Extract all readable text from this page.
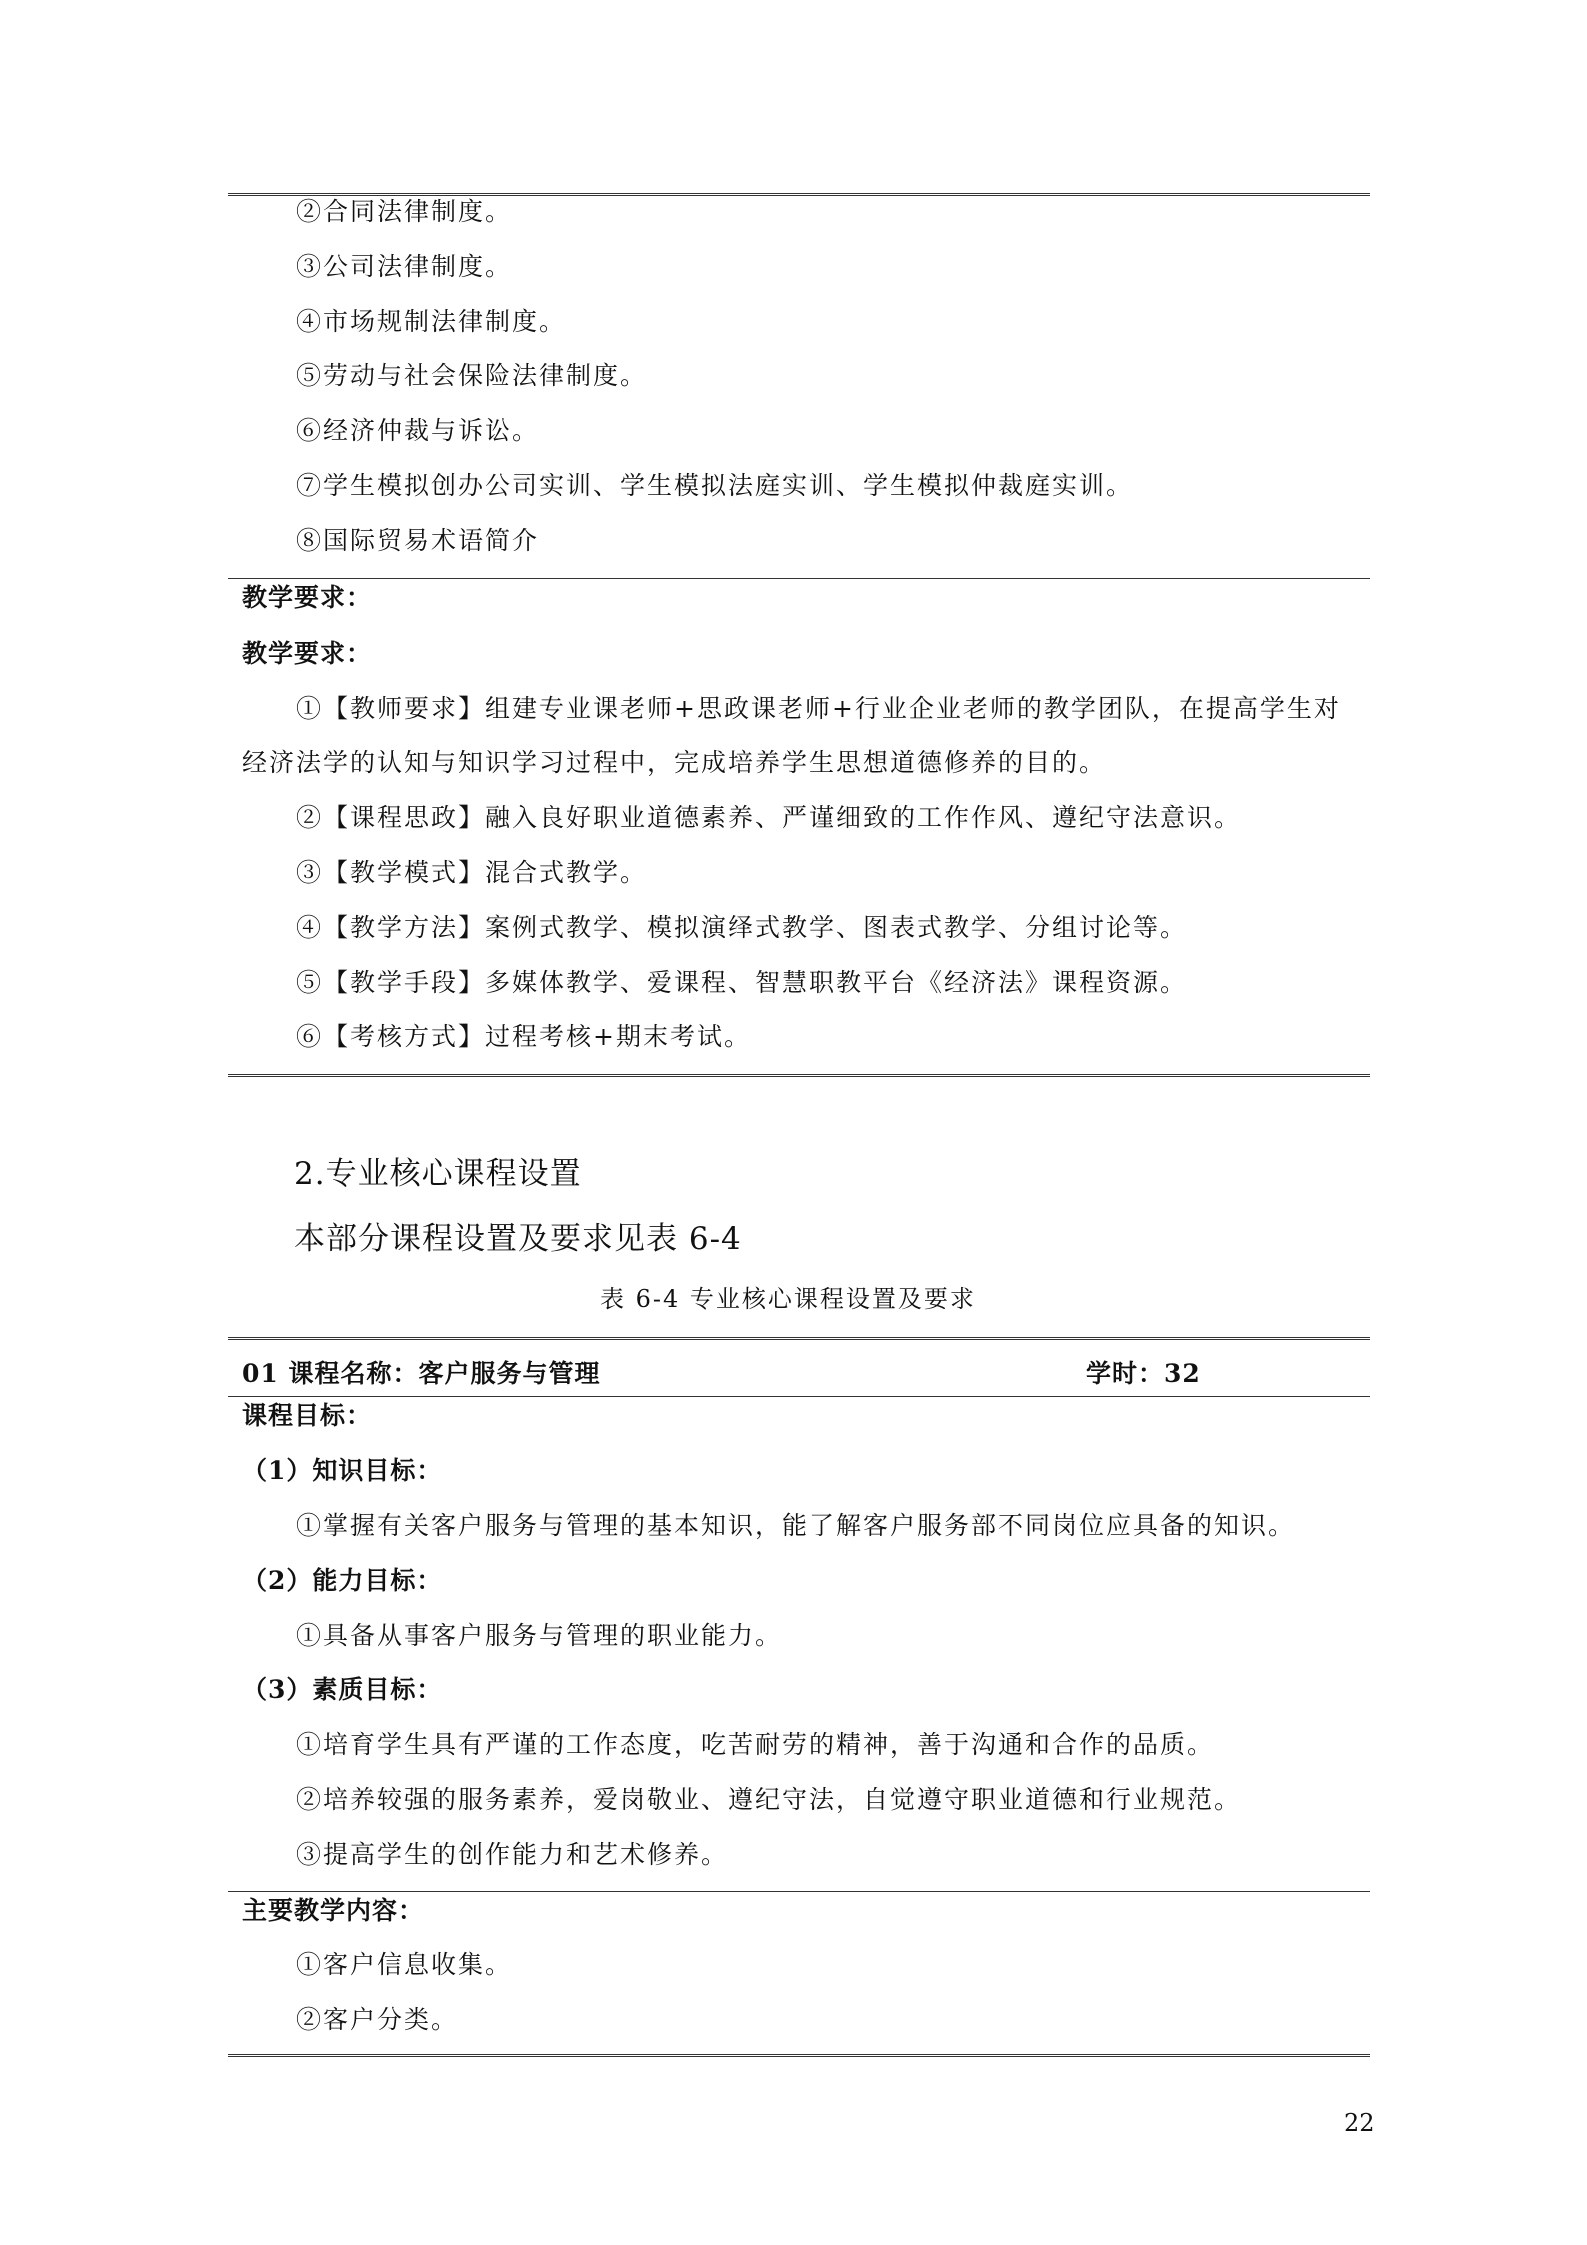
②合同法律制度。
③公司法律制度。
④市场规制法律制度。
⑤劳动与社会保险法律制度。
⑥经济仲裁与诉讼。
⑦学生模拟创办公司实训、学生模拟法庭实训、学生模拟仲裁庭实训。
⑧国际贸易术语简介
教学要求：
教学要求：
①【教师要求】组建专业课老师+思政课老师+行业企业老师的教学团队，在提高学生对
经济法学的认知与知识学习过程中，完成培养学生思想道德修养的目的。
②【课程思政】融入良好职业道德素养、严谨细致的工作作风、遵纪守法意识。
③【教学模式】混合式教学。
④【教学方法】案例式教学、模拟演绎式教学、图表式教学、分组讨论等。
⑤【教学手段】多媒体教学、爱课程、智慧职教平台《经济法》课程资源。
⑥【考核方式】过程考核+期末考试。
2.专业核心课程设置
本部分课程设置及要求见表 6-4
表 6-4 专业核心课程设置及要求
01 课程名称：客户服务与管理	学时：32
课程目标：
（1）知识目标：
①掌握有关客户服务与管理的基本知识，能了解客户服务部不同岗位应具备的知识。
（2）能力目标：
①具备从事客户服务与管理的职业能力。
（3）素质目标：
①培育学生具有严谨的工作态度，吃苦耐劳的精神，善于沟通和合作的品质。
②培养较强的服务素养，爱岗敬业、遵纪守法，自觉遵守职业道德和行业规范。
③提高学生的创作能力和艺术修养。
主要教学内容：
①客户信息收集。
②客户分类。
22
